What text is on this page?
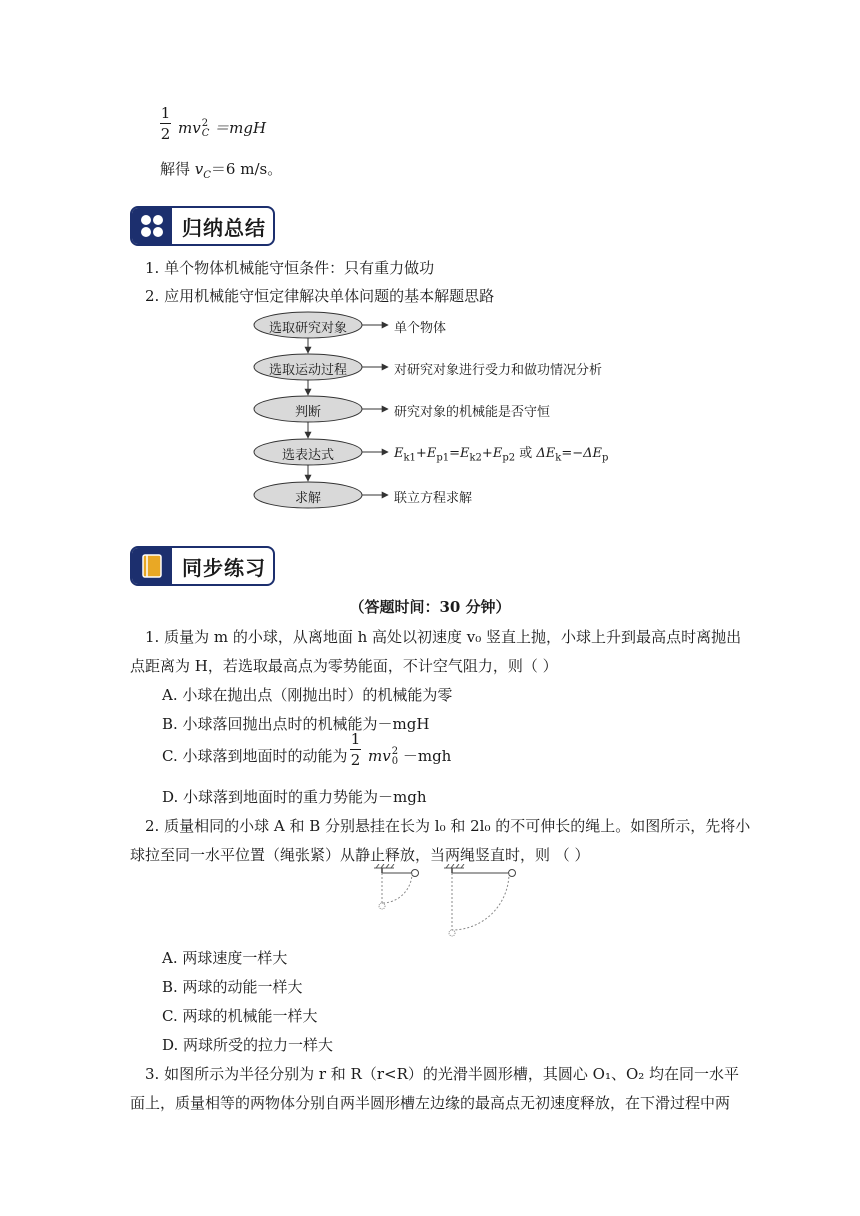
1
2 mv 2
C ＝mgH
解得 $v_C=6$ m/s。
归纳总结
1. 单个物体机械能守恒条件：只有重力做功
2. 应用机械能守恒定律解决单体问题的基本解题思路
选取研究对象
选取运动过程
判断
选表达式
求解
单个物体
对研究对象进行受力和做功情况分析
研究对象的机械能是否守恒
$E_{k1}+E_{p1}=E_{k2}+E_{p2}$ 或 $\Delta E_k=-\Delta E_p$
联立方程求解
同步练习
（答题时间：30 分钟）
1. 质量为 m 的小球，从离地面 h 高处以初速度 v₀ 竖直上抛，小球上升到最高点时离抛出
点距离为 H，若选取最高点为零势能面，不计空气阻力，则（ ）
A. 小球在抛出点（刚抛出时）的机械能为零
B. 小球落回抛出点时的机械能为－mgH
C. 小球落到地面时的动能为
1
2 mv 2
0 －mgh
D. 小球落到地面时的重力势能为－mgh
2. 质量相同的小球 A 和 B 分别悬挂在长为 l₀ 和 2l₀ 的不可伸长的绳上。如图所示，先将小
球拉至同一水平位置（绳张紧）从静止释放，当两绳竖直时，则 （ ）
A. 两球速度一样大
B. 两球的动能一样大
C. 两球的机械能一样大
D. 两球所受的拉力一样大
3. 如图所示为半径分别为 r 和 R（r<R）的光滑半圆形槽，其圆心 O₁、O₂ 均在同一水平
面上，质量相等的两物体分别自两半圆形槽左边缘的最高点无初速度释放，在下滑过程中两
